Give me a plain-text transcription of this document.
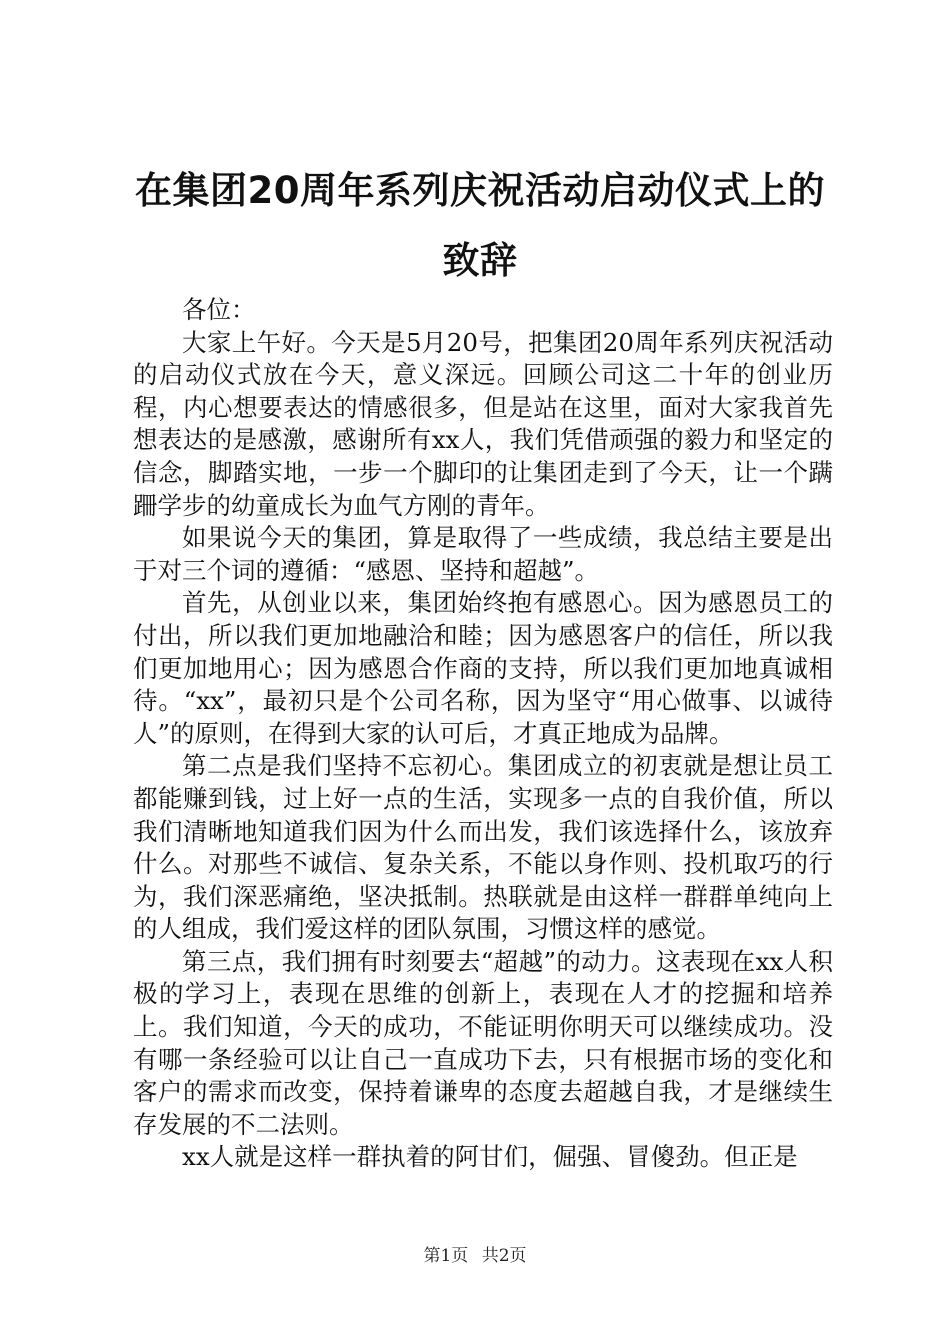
在集团20周年系列庆祝活动启动仪式上的致辞

各位：

大家上午好。今天是5月20号，把集团20周年系列庆祝活动的启动仪式放在今天，意义深远。回顾公司这二十年的创业历程，内心想要表达的情感很多，但是站在这里，面对大家我首先想表达的是感激，感谢所有xx人，我们凭借顽强的毅力和坚定的信念，脚踏实地，一步一个脚印的让集团走到了今天，让一个蹒跚学步的幼童成长为血气方刚的青年。

如果说今天的集团，算是取得了一些成绩，我总结主要是出于对三个词的遵循：“感恩、坚持和超越”。

首先，从创业以来，集团始终抱有感恩心。因为感恩员工的付出，所以我们更加地融洽和睦；因为感恩客户的信任，所以我们更加地用心；因为感恩合作商的支持，所以我们更加地真诚相待。“xx”，最初只是个公司名称，因为坚守“用心做事、以诚待人”的原则，在得到大家的认可后，才真正地成为品牌。

第二点是我们坚持不忘初心。集团成立的初衷就是想让员工都能赚到钱，过上好一点的生活，实现多一点的自我价值，所以我们清晰地知道我们因为什么而出发，我们该选择什么，该放弃什么。对那些不诚信、复杂关系，不能以身作则、投机取巧的行为，我们深恶痛绝，坚决抵制。热联就是由这样一群群单纯向上的人组成，我们爱这样的团队氛围，习惯这样的感觉。

第三点，我们拥有时刻要去“超越”的动力。这表现在xx人积极的学习上，表现在思维的创新上，表现在人才的挖掘和培养上。我们知道，今天的成功，不能证明你明天可以继续成功。没有哪一条经验可以让自己一直成功下去，只有根据市场的变化和客户的需求而改变，保持着谦卑的态度去超越自我，才是继续生存发展的不二法则。

xx人就是这样一群执着的阿甘们，倔强、冒傻劲。但正是

第1页 共2页
